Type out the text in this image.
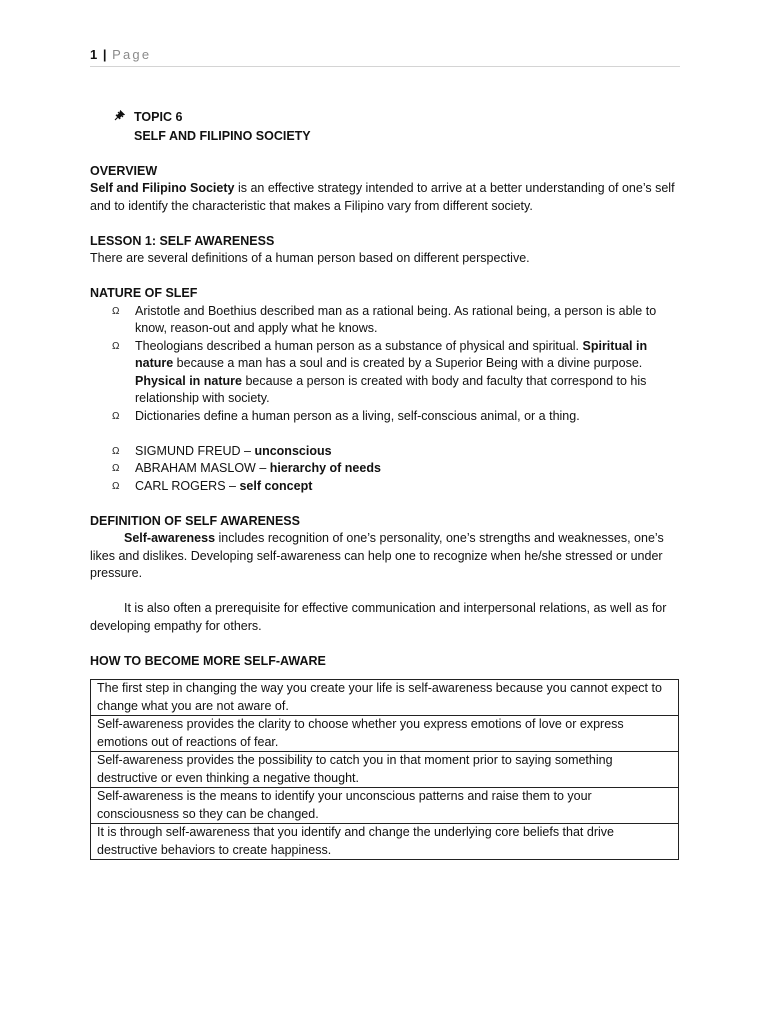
1 | Page
TOPIC 6
SELF AND FILIPINO SOCIETY
OVERVIEW
Self and Filipino Society is an effective strategy intended to arrive at a better understanding of one’s self and to identify the characteristic that makes a Filipino vary from different society.
LESSON 1: SELF AWARENESS
There are several definitions of a human person based on different perspective.
NATURE OF SLEF
Ω Aristotle and Boethius described man as a rational being. As rational being, a person is able to know, reason-out and apply what he knows.
Ω Theologians described a human person as a substance of physical and spiritual. Spiritual in nature because a man has a soul and is created by a Superior Being with a divine purpose. Physical in nature because a person is created with body and faculty that correspond to his relationship with society.
Ω Dictionaries define a human person as a living, self-conscious animal, or a thing.
Ω SIGMUND FREUD – unconscious
Ω ABRAHAM MASLOW – hierarchy of needs
Ω CARL ROGERS – self concept
DEFINITION OF SELF AWARENESS
Self-awareness includes recognition of one’s personality, one’s strengths and weaknesses, one’s likes and dislikes. Developing self-awareness can help one to recognize when he/she stressed or under pressure.
It is also often a prerequisite for effective communication and interpersonal relations, as well as for developing empathy for others.
HOW TO BECOME MORE SELF-AWARE
The first step in changing the way you create your life is self-awareness because you cannot expect to change what you are not aware of.
Self-awareness provides the clarity to choose whether you express emotions of love or express emotions out of reactions of fear.
Self-awareness provides the possibility to catch you in that moment prior to saying something destructive or even thinking a negative thought.
Self-awareness is the means to identify your unconscious patterns and raise them to your consciousness so they can be changed.
It is through self-awareness that you identify and change the underlying core beliefs that drive destructive behaviors to create happiness.
